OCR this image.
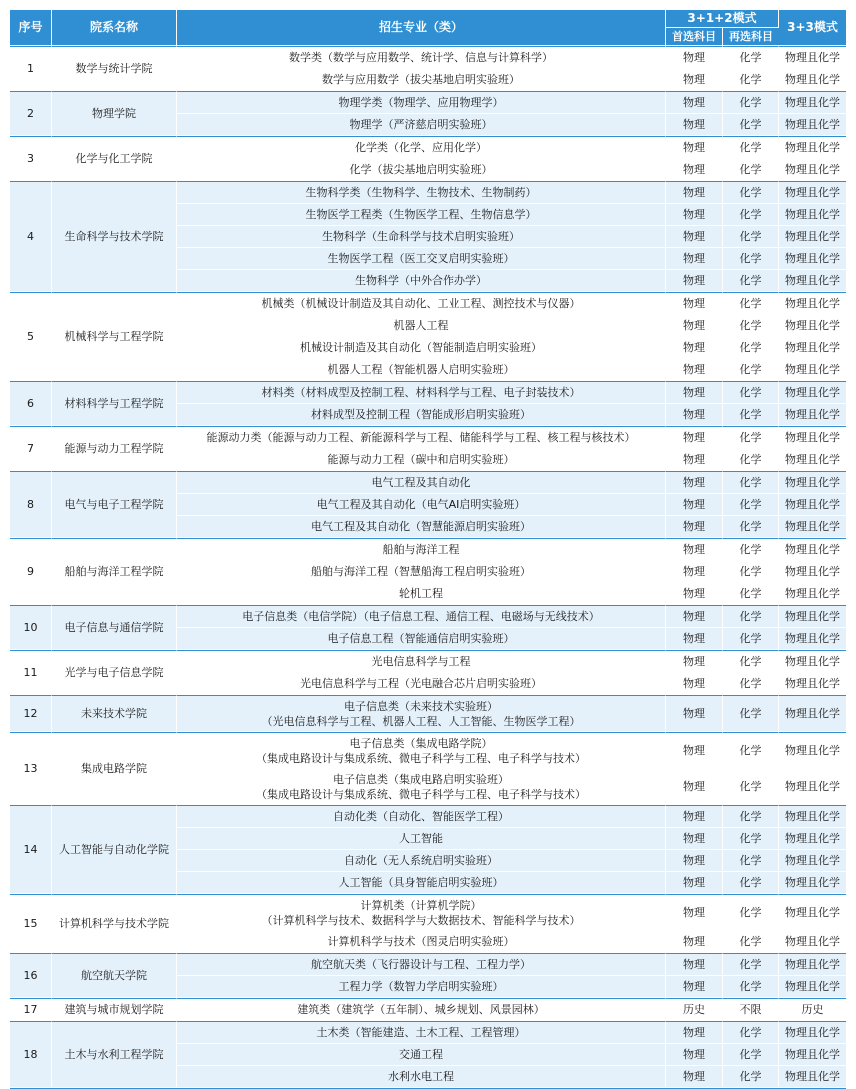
序号	院系名称	招生专业（类）	3+1+2模式		3+3模式
			首选科目	再选科目	
1	数学与统计学院	数学类（数学与应用数学、统计学、信息与计算科学）	物理	化学	物理且化学

		数学与应用数学（拔尖基地启明实验班）	物理	化学	物理且化学
2	物理学院	物理学类（物理学、应用物理学）	物理	化学	物理且化学

		物理学（严济慈启明实验班）	物理	化学	物理且化学
3	化学与化工学院	化学类（化学、应用化学）	物理	化学	物理且化学

		化学（拔尖基地启明实验班）	物理	化学	物理且化学
4	生命科学与技术学院	生物科学类（生物科学、生物技术、生物制药）	物理	化学	物理且化学

		生物医学工程类（生物医学工程、生物信息学）	物理	化学	物理且化学

		生物科学（生命科学与技术启明实验班）	物理	化学	物理且化学

		生物医学工程（医工交叉启明实验班）	物理	化学	物理且化学

		生物科学（中外合作办学）	物理	化学	物理且化学
5	机械科学与工程学院	机械类（机械设计制造及其自动化、工业工程、测控技术与仪器）	物理	化学	物理且化学

		机器人工程	物理	化学	物理且化学

		机械设计制造及其自动化（智能制造启明实验班）	物理	化学	物理且化学

		机器人工程（智能机器人启明实验班）	物理	化学	物理且化学
6	材料科学与工程学院	材料类（材料成型及控制工程、材料科学与工程、电子封装技术）	物理	化学	物理且化学

		材料成型及控制工程（智能成形启明实验班）	物理	化学	物理且化学
7	能源与动力工程学院	能源动力类（能源与动力工程、新能源科学与工程、储能科学与工程、核工程与核技术）	物理	化学	物理且化学

		能源与动力工程（碳中和启明实验班）	物理	化学	物理且化学
8	电气与电子工程学院	电气工程及其自动化	物理	化学	物理且化学

		电气工程及其自动化（电气AI启明实验班）	物理	化学	物理且化学

		电气工程及其自动化（智慧能源启明实验班）	物理	化学	物理且化学
9	船舶与海洋工程学院	船舶与海洋工程	物理	化学	物理且化学

		船舶与海洋工程（智慧船海工程启明实验班）	物理	化学	物理且化学

		轮机工程	物理	化学	物理且化学
10	电子信息与通信学院	电子信息类（电信学院）（电子信息工程、通信工程、电磁场与无线技术）	物理	化学	物理且化学

		电子信息工程（智能通信启明实验班）	物理	化学	物理且化学
11	光学与电子信息学院	光电信息科学与工程	物理	化学	物理且化学

		光电信息科学与工程（光电融合芯片启明实验班）	物理	化学	物理且化学
12	未来技术学院	电子信息类（未来技术实验班）
（光电信息科学与工程、机器人工程、人工智能、生物医学工程）	物理	化学	物理且化学
13	集成电路学院	电子信息类（集成电路学院）
（集成电路设计与集成系统、微电子科学与工程、电子科学与技术）	物理	化学	物理且化学

		电子信息类（集成电路启明实验班）
（集成电路设计与集成系统、微电子科学与工程、电子科学与技术）	物理	化学	物理且化学
14	人工智能与自动化学院	自动化类（自动化、智能医学工程）	物理	化学	物理且化学

		人工智能	物理	化学	物理且化学

		自动化（无人系统启明实验班）	物理	化学	物理且化学

		人工智能（具身智能启明实验班）	物理	化学	物理且化学
15	计算机科学与技术学院	计算机类（计算机学院）
（计算机科学与技术、数据科学与大数据技术、智能科学与技术）	物理	化学	物理且化学

		计算机科学与技术（图灵启明实验班）	物理	化学	物理且化学
16	航空航天学院	航空航天类（飞行器设计与工程、工程力学）	物理	化学	物理且化学

		工程力学（数智力学启明实验班）	物理	化学	物理且化学
17	建筑与城市规划学院	建筑类（建筑学（五年制）、城乡规划、风景园林）	历史	不限	历史
18	土木与水利工程学院	土木类（智能建造、土木工程、工程管理）	物理	化学	物理且化学

		交通工程	物理	化学	物理且化学

		水利水电工程	物理	化学	物理且化学
